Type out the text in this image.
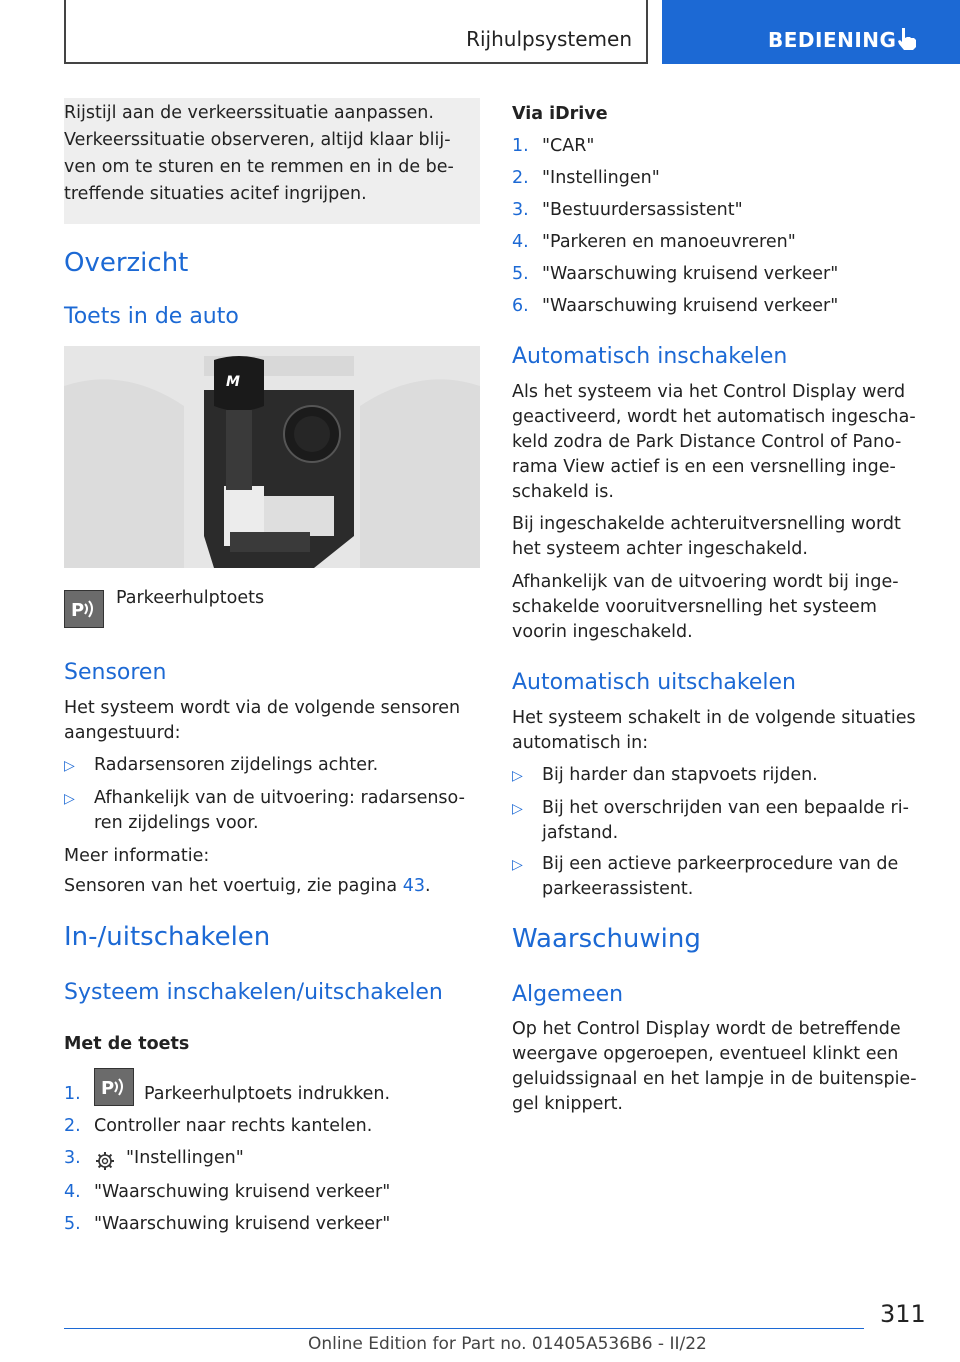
Rijhulpsystemen	BEDIENING
Rijstijl aan de verkeerssituatie aanpassen.
Verkeerssituatie observeren, altijd klaar blij-
ven om te sturen en te remmen en in de be-
treffende situaties acitef ingrijpen.
Overzicht
Toets in de auto
M
P
Parkeerhulptoets
Sensoren
Het systeem wordt via de volgende sensoren
aangestuurd:
▷ Radarsensoren zijdelings achter.
▷ Afhankelijk van de uitvoering: radarsenso-
ren zijdelings voor.
Meer informatie:
Sensoren van het voertuig, zie pagina 43.
In-/uitschakelen
Systeem inschakelen/uitschakelen
Met de toets
1. P Parkeerhulptoets indrukken.
2. Controller naar rechts kantelen.
3.	"Instellingen"
4. "Waarschuwing kruisend verkeer"
5. "Waarschuwing kruisend verkeer"
Via iDrive
1. "CAR"
2. "Instellingen"
3. "Bestuurdersassistent"
4. "Parkeren en manoeuvreren"
5. "Waarschuwing kruisend verkeer"
6. "Waarschuwing kruisend verkeer"
Automatisch inschakelen
Als het systeem via het Control Display werd
geactiveerd, wordt het automatisch ingescha-
keld zodra de Park Distance Control of Pano-
rama View actief is en een versnelling inge-
schakeld is.
Bij ingeschakelde achteruitversnelling wordt
het systeem achter ingeschakeld.
Afhankelijk van de uitvoering wordt bij inge-
schakelde vooruitversnelling het systeem
voorin ingeschakeld.
Automatisch uitschakelen
Het systeem schakelt in de volgende situaties
automatisch in:
▷ Bij harder dan stapvoets rijden.
▷ Bij het overschrijden van een bepaalde ri-
jafstand.
▷ Bij een actieve parkeerprocedure van de
parkeerassistent.
Waarschuwing
Algemeen
Op het Control Display wordt de betreffende
weergave opgeroepen, eventueel klinkt een
geluidssignaal en het lampje in de buitenspie-
gel knippert.
311
Online Edition for Part no. 01405A536B6 - II/22
